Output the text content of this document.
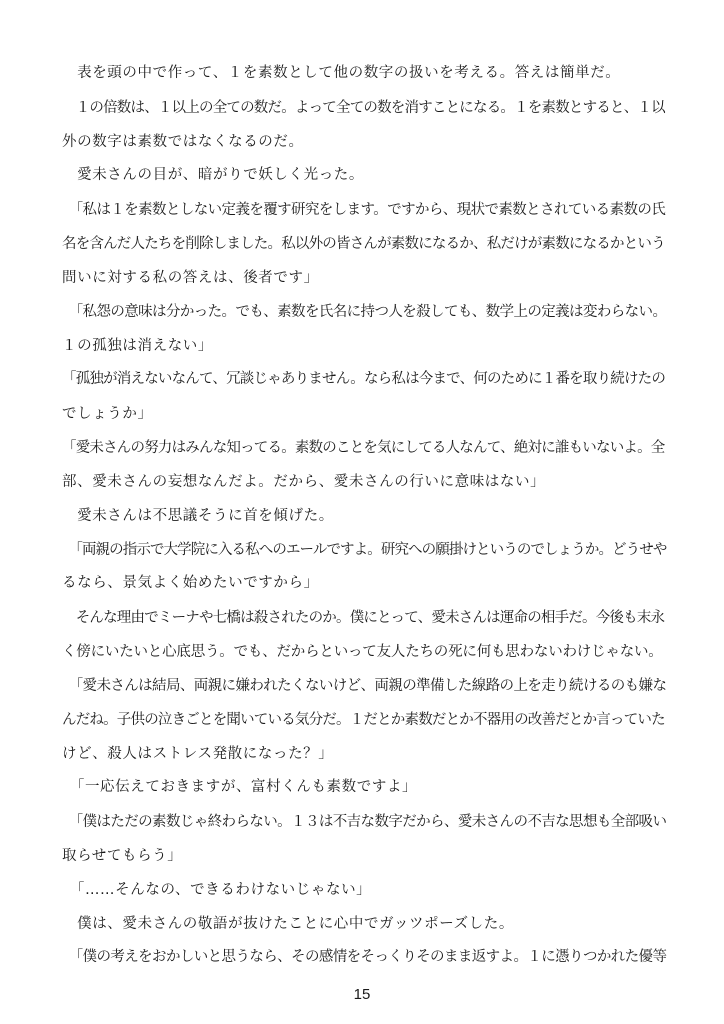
　表を頭の中で作って、１を素数として他の数字の扱いを考える。答えは簡単だ。
　１の倍数は、１以上の全ての数だ。よって全ての数を消すことになる。１を素数とすると、１以
外の数字は素数ではなくなるのだ。
　愛未さんの目が、暗がりで妖しく光った。
　「私は１を素数としない定義を覆す研究をします。ですから、現状で素数とされている素数の氏
名を含んだ人たちを削除しました。私以外の皆さんが素数になるか、私だけが素数になるかという
問いに対する私の答えは、後者です」
　「私怨の意味は分かった。でも、素数を氏名に持つ人を殺しても、数学上の定義は変わらない。
１の孤独は消えない」
「孤独が消えないなんて、冗談じゃありません。なら私は今まで、何のために１番を取り続けたの
でしょうか」
「愛未さんの努力はみんな知ってる。素数のことを気にしてる人なんて、絶対に誰もいないよ。全
部、愛未さんの妄想なんだよ。だから、愛未さんの行いに意味はない」
　愛未さんは不思議そうに首を傾げた。
　「両親の指示で大学院に入る私へのエールですよ。研究への願掛けというのでしょうか。どうせや
るなら、景気よく始めたいですから」
　そんな理由でミーナや七橋は殺されたのか。僕にとって、愛未さんは運命の相手だ。今後も末永
く傍にいたいと心底思う。でも、だからといって友人たちの死に何も思わないわけじゃない。
　「愛未さんは結局、両親に嫌われたくないけど、両親の準備した線路の上を走り続けるのも嫌な
んだね。子供の泣きごとを聞いている気分だ。１だとか素数だとか不器用の改善だとか言っていた
けど、殺人はストレス発散になった？」
　「一応伝えておきますが、富村くんも素数ですよ」
　「僕はただの素数じゃ終わらない。１３は不吉な数字だから、愛未さんの不吉な思想も全部吸い
取らせてもらう」
　「……そんなの、できるわけないじゃない」
　僕は、愛未さんの敬語が抜けたことに心中でガッツポーズした。
　「僕の考えをおかしいと思うなら、その感情をそっくりそのまま返すよ。１に憑りつかれた優等
15
